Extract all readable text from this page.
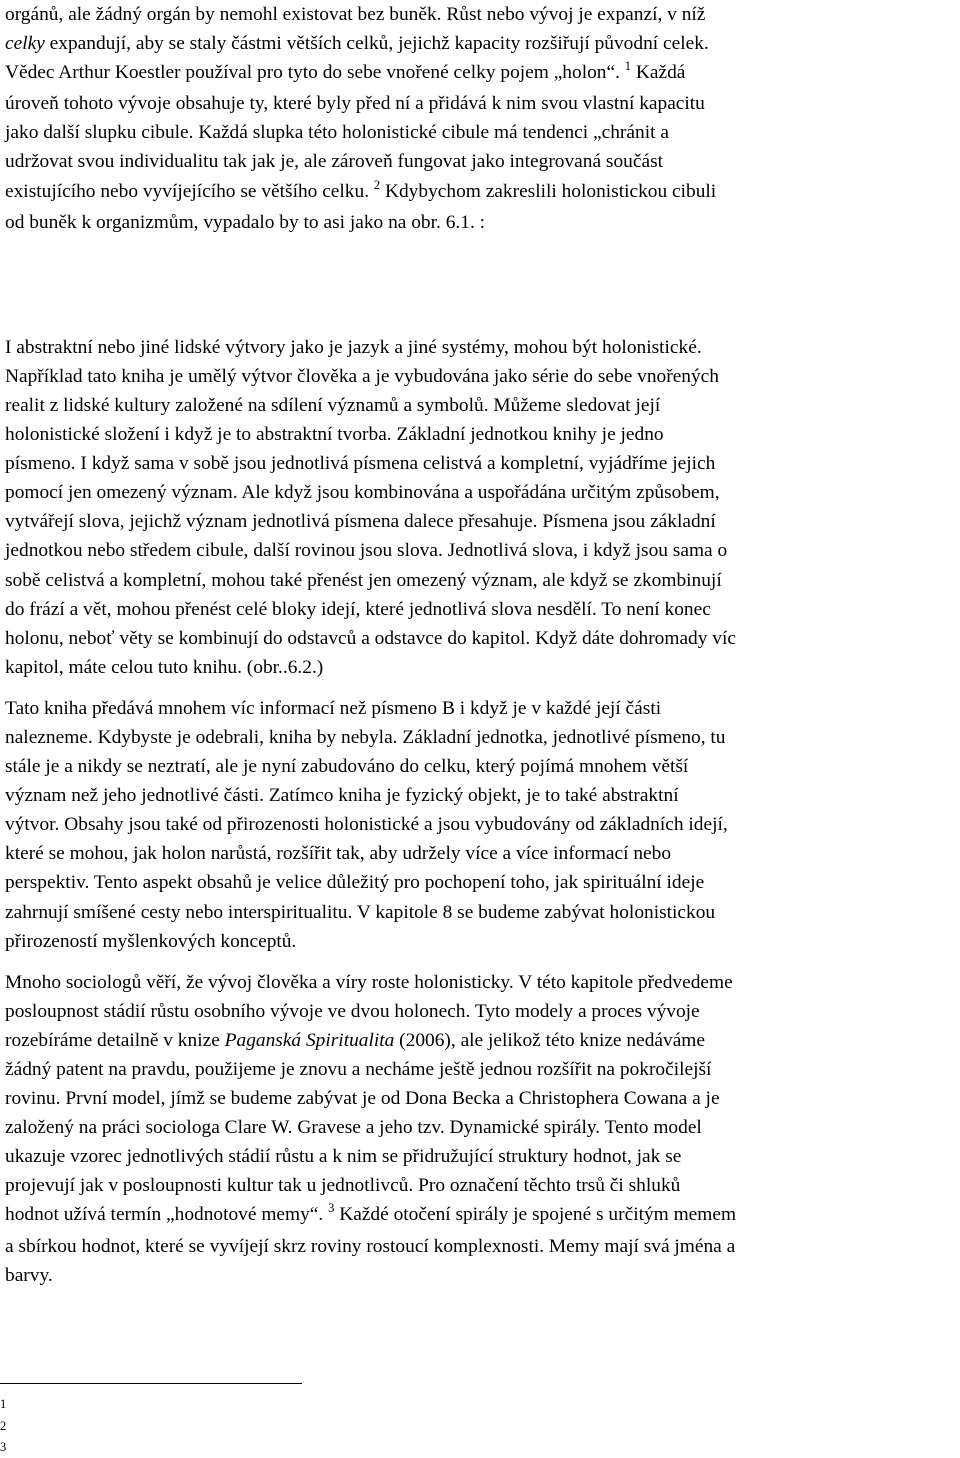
orgánů, ale žádný orgán by nemohl existovat bez buněk. Růst nebo vývoj je expanzí, v níž
celky expandují, aby se staly částmi větších celků, jejichž kapacity rozšiřují původní celek.
Vědec Arthur Koestler používal pro tyto do sebe vnořené celky pojem „holon“. $^1$ Každá
úroveň tohoto vývoje obsahuje ty, které byly před ní a přidává k nim svou vlastní kapacitu
jako další slupku cibule. Každá slupka této holonistické cibule má tendenci „chránit a
udržovat svou individualitu tak jak je, ale zároveň fungovat jako integrovaná součást
existujícího nebo vyvíjejícího se většího celku. $^2$ Kdybychom zakreslili holonistickou cibuli
od buněk k organizmům, vypadalo by to asi jako na obr. 6.1. :
I abstraktní nebo jiné lidské výtvory jako je jazyk a jiné systémy, mohou být holonistické.
Například tato kniha je umělý výtvor člověka a je vybudována jako série do sebe vnořených
realit z lidské kultury založené na sdílení významů a symbolů. Můžeme sledovat její
holonistické složení i když je to abstraktní tvorba. Základní jednotkou knihy je jedno
písmeno. I když sama v sobě jsou jednotlivá písmena celistvá a kompletní, vyjádříme jejich
pomocí jen omezený význam. Ale když jsou kombinována a uspořádána určitým způsobem,
vytvářejí slova, jejichž význam jednotlivá písmena dalece přesahuje. Písmena jsou základní
jednotkou nebo středem cibule, další rovinou jsou slova. Jednotlivá slova, i když jsou sama o
sobě celistvá a kompletní, mohou také přenést jen omezený význam, ale když se zkombinují
do frází a vět, mohou přenést celé bloky idejí, které jednotlivá slova nesdělí. To není konec
holonu, neboť věty se kombinují do odstavců a odstavce do kapitol. Když dáte dohromady víc
kapitol, máte celou tuto knihu. (obr..6.2.)
Tato kniha předává mnohem víc informací než písmeno B i když je v každé její části
nalezneme. Kdybyste je odebrali, kniha by nebyla. Základní jednotka, jednotlivé písmeno, tu
stále je a nikdy se neztratí, ale je nyní zabudováno do celku, který pojímá mnohem větší
význam než jeho jednotlivé části. Zatímco kniha je fyzický objekt, je to také abstraktní
výtvor. Obsahy jsou také od přirozenosti holonistické a jsou vybudovány od základních idejí,
které se mohou, jak holon narůstá, rozšířit tak, aby udržely více a více informací nebo
perspektiv. Tento aspekt obsahů je velice důležitý pro pochopení toho, jak spirituální ideje
zahrnují smíšené cesty nebo interspiritualitu. V kapitole 8 se budeme zabývat holonistickou
přirozeností myšlenkových konceptů.
Mnoho sociologů věří, že vývoj člověka a víry roste holonisticky. V této kapitole předvedeme
posloupnost stádií růstu osobního vývoje ve dvou holonech. Tyto modely a proces vývoje
rozebíráme detailně v knize Paganská Spiritualita (2006), ale jelikož této knize nedáváme
žádný patent na pravdu, použijeme je znovu a necháme ještě jednou rozšířit na pokročilejší
rovinu. První model, jímž se budeme zabývat je od Dona Becka a Christophera Cowana a je
založený na práci sociologa Clare W. Gravese a jeho tzv. Dynamické spirály. Tento model
ukazuje vzorec jednotlivých stádií růstu a k nim se přidružující struktury hodnot, jak se
projevují jak v posloupnosti kultur tak u jednotlivců. Pro označení těchto trsů či shluků
hodnot užívá termín „hodnotové memy“. $^3$ Každé otočení spirály je spojené s určitým memem
a sbírkou hodnot, které se vyvíjejí skrz roviny rostoucí komplexnosti. Memy mají svá jména a
barvy.
1
2
3
